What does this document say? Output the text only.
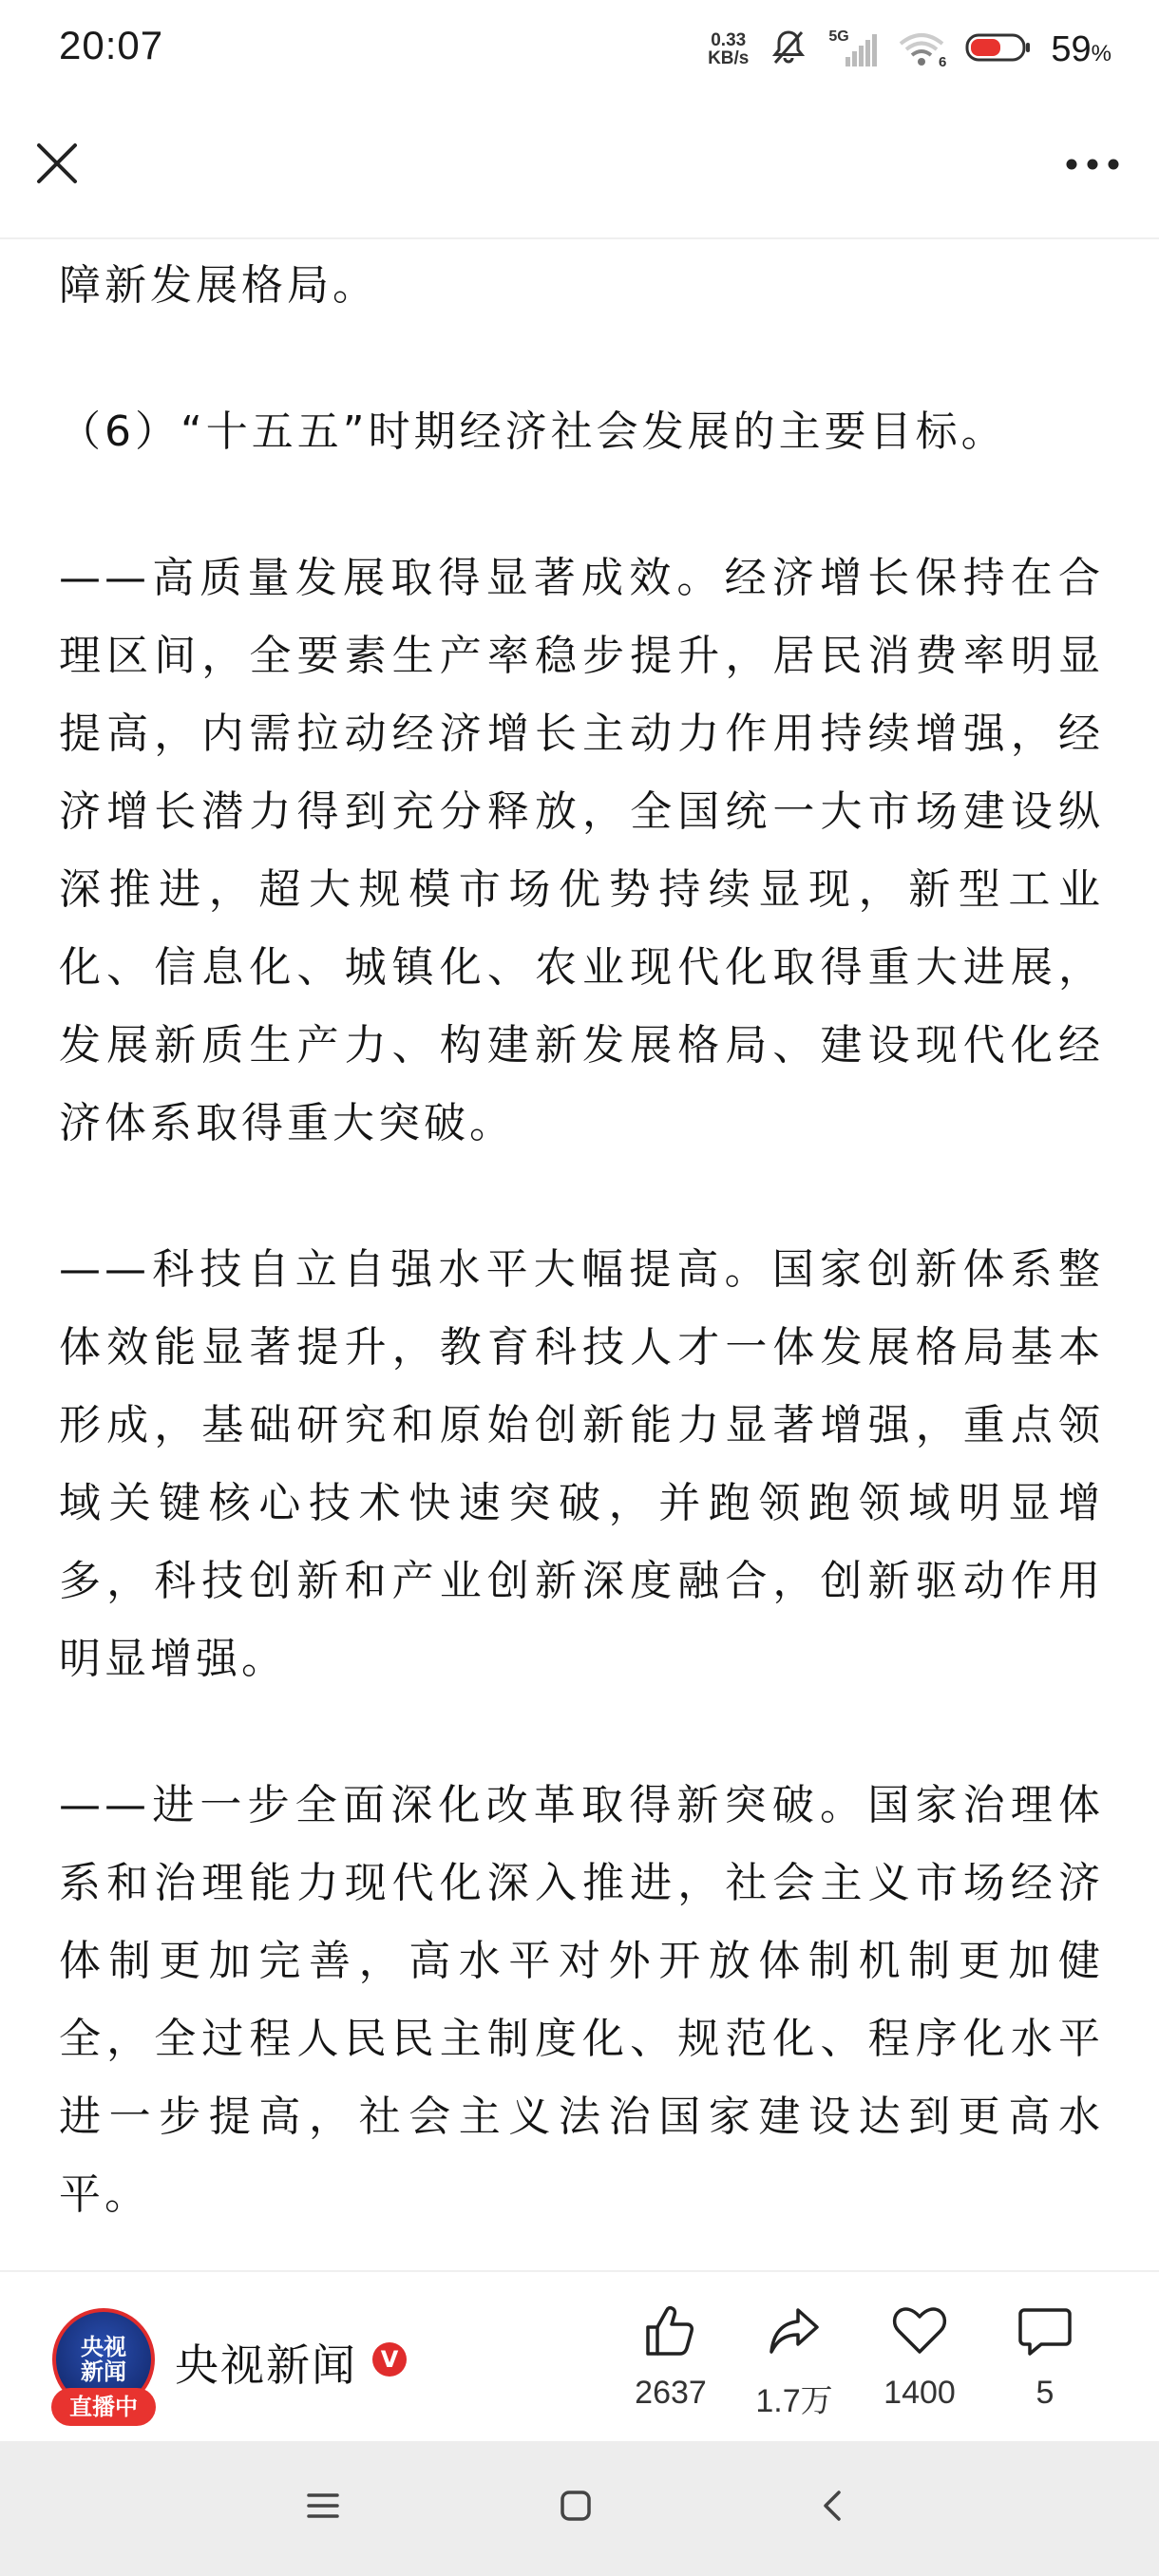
20:07	0.33
KB/s
5G
6	59%

障新发展格局。

（6）“十五五”时期经济社会发展的主要目标。

——高质量发展取得显著成效。经济增长保持在合理区间，全要素生产率稳步提升，居民消费率明显提高，内需拉动经济增长主动力作用持续增强，经济增长潜力得到充分释放，全国统一大市场建设纵深推进，超大规模市场优势持续显现，新型工业化、信息化、城镇化、农业现代化取得重大进展，发展新质生产力、构建新发展格局、建设现代化经济体系取得重大突破。

——科技自立自强水平大幅提高。国家创新体系整体效能显著提升，教育科技人才一体发展格局基本形成，基础研究和原始创新能力显著增强，重点领域关键核心技术快速突破，并跑领跑领域明显增多，科技创新和产业创新深度融合，创新驱动作用明显增强。

——进一步全面深化改革取得新突破。国家治理体系和治理能力现代化深入推进，社会主义市场经济体制更加完善，高水平对外开放体制机制更加健全，全过程人民民主制度化、规范化、程序化水平进一步提高，社会主义法治国家建设达到更高水平。

央视
新闻
直播中
央视新闻	V
2637	1.7万	1400	5
